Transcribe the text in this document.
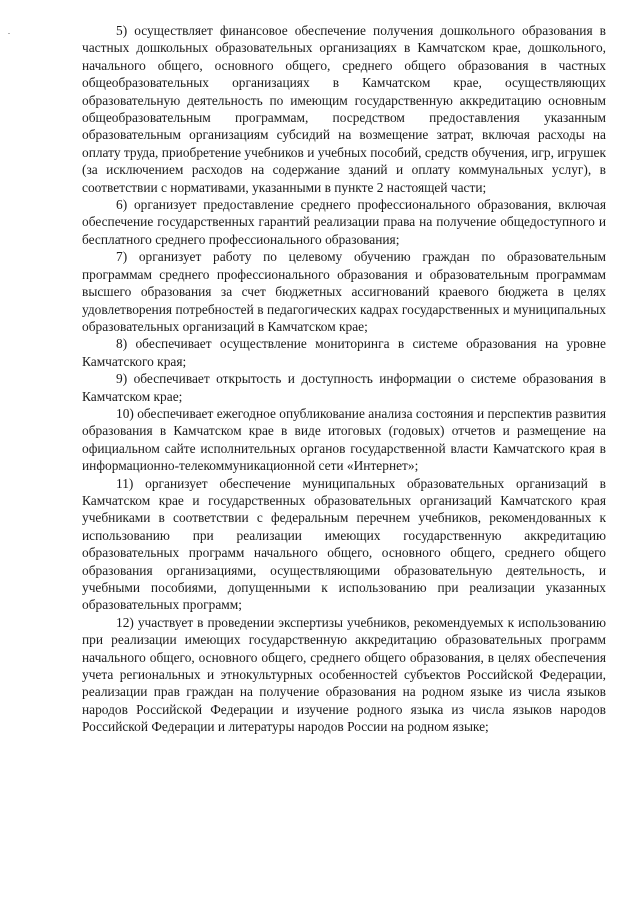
5) осуществляет финансовое обеспечение получения дошкольного образования в частных дошкольных образовательных организациях в Камчатском крае, дошкольного, начального общего, основного общего, среднего общего образования в частных общеобразовательных организациях в Камчатском крае, осуществляющих образовательную деятельность по имеющим государственную аккредитацию основным общеобразовательным программам, посредством предоставления указанным образовательным организациям субсидий на возмещение затрат, включая расходы на оплату труда, приобретение учебников и учебных пособий, средств обучения, игр, игрушек (за исключением расходов на содержание зданий и оплату коммунальных услуг), в соответствии с нормативами, указанными в пункте 2 настоящей части;

6) организует предоставление среднего профессионального образования, включая обеспечение государственных гарантий реализации права на получение общедоступного и бесплатного среднего профессионального образования;

7) организует работу по целевому обучению граждан по образовательным программам среднего профессионального образования и образовательным программам высшего образования за счет бюджетных ассигнований краевого бюджета в целях удовлетворения потребностей в педагогических кадрах государственных и муниципальных образовательных организаций в Камчатском крае;

8) обеспечивает осуществление мониторинга в системе образования на уровне Камчатского края;

9) обеспечивает открытость и доступность информации о системе образования в Камчатском крае;

10) обеспечивает ежегодное опубликование анализа состояния и перспектив развития образования в Камчатском крае в виде итоговых (годовых) отчетов и размещение на официальном сайте исполнительных органов государственной власти Камчатского края в информационно-телекоммуникационной сети «Интернет»;

11) организует обеспечение муниципальных образовательных организаций в Камчатском крае и государственных образовательных организаций Камчатского края учебниками в соответствии с федеральным перечнем учебников, рекомендованных к использованию при реализации имеющих государственную аккредитацию образовательных программ начального общего, основного общего, среднего общего образования организациями, осуществляющими образовательную деятельность, и учебными пособиями, допущенными к использованию при реализации указанных образовательных программ;

12) участвует в проведении экспертизы учебников, рекомендуемых к использованию при реализации имеющих государственную аккредитацию образовательных программ начального общего, основного общего, среднего общего образования, в целях обеспечения учета региональных и этнокультурных особенностей субъектов Российской Федерации, реализации прав граждан на получение образования на родном языке из числа языков народов Российской Федерации и изучение родного языка из числа языков народов Российской Федерации и литературы народов России на родном языке;
